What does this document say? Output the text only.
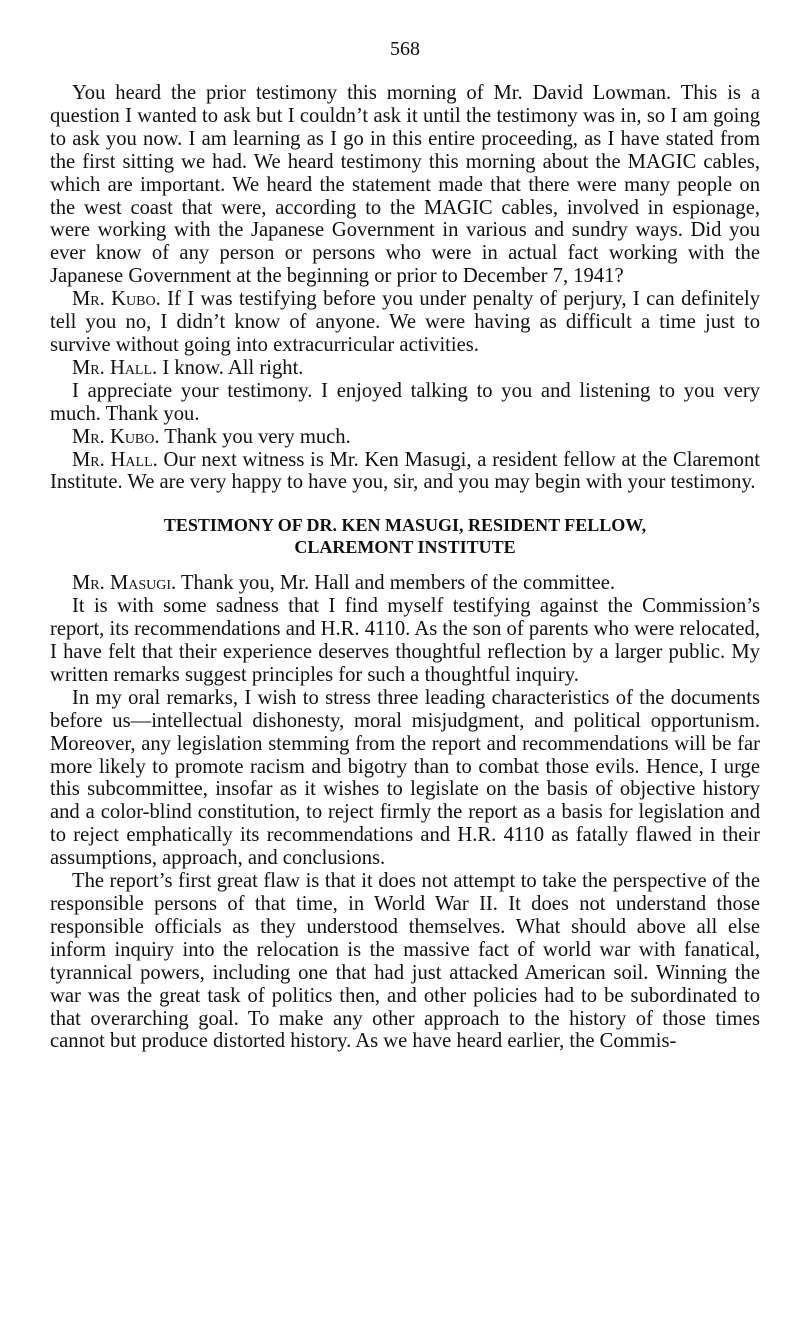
568

You heard the prior testimony this morning of Mr. David Lowman. This is a question I wanted to ask but I couldn’t ask it until the testimony was in, so I am going to ask you now. I am learning as I go in this entire proceeding, as I have stated from the first sitting we had. We heard testimony this morning about the MAGIC cables, which are important. We heard the statement made that there were many people on the west coast that were, according to the MAGIC cables, involved in espionage, were working with the Japanese Government in various and sundry ways. Did you ever know of any person or persons who were in actual fact working with the Japanese Government at the beginning or prior to December 7, 1941?

Mr. Kubo. If I was testifying before you under penalty of perjury, I can definitely tell you no, I didn’t know of anyone. We were having as difficult a time just to survive without going into extracurricular activities.

Mr. Hall. I know. All right.

I appreciate your testimony. I enjoyed talking to you and listening to you very much. Thank you.

Mr. Kubo. Thank you very much.

Mr. Hall. Our next witness is Mr. Ken Masugi, a resident fellow at the Claremont Institute. We are very happy to have you, sir, and you may begin with your testimony.

TESTIMONY OF DR. KEN MASUGI, RESIDENT FELLOW,
CLAREMONT INSTITUTE

Mr. Masugi. Thank you, Mr. Hall and members of the committee.

It is with some sadness that I find myself testifying against the Commission’s report, its recommendations and H.R. 4110. As the son of parents who were relocated, I have felt that their experience deserves thoughtful reflection by a larger public. My written remarks suggest principles for such a thoughtful inquiry.

In my oral remarks, I wish to stress three leading characteristics of the documents before us—intellectual dishonesty, moral misjudgment, and political opportunism. Moreover, any legislation stemming from the report and recommendations will be far more likely to promote racism and bigotry than to combat those evils. Hence, I urge this subcommittee, insofar as it wishes to legislate on the basis of objective history and a color-blind constitution, to reject firmly the report as a basis for legislation and to reject emphatically its recommendations and H.R. 4110 as fatally flawed in their assumptions, approach, and conclusions.

The report’s first great flaw is that it does not attempt to take the perspective of the responsible persons of that time, in World War II. It does not understand those responsible officials as they understood themselves. What should above all else inform inquiry into the relocation is the massive fact of world war with fanatical, tyrannical powers, including one that had just attacked American soil. Winning the war was the great task of politics then, and other policies had to be subordinated to that overarching goal. To make any other approach to the history of those times cannot but produce distorted history. As we have heard earlier, the Commis-
